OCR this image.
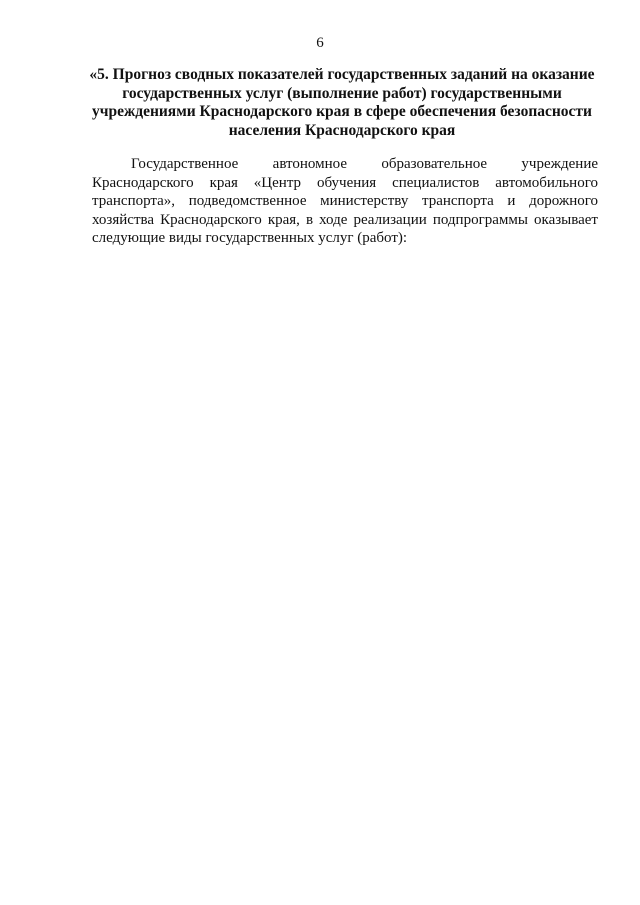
6
«5. Прогноз сводных показателей государственных заданий на оказание
государственных услуг (выполнение работ) государственными
учреждениями Краснодарского края в сфере обеспечения безопасности
населения Краснодарского края
Государственное автономное образовательное учреждение
Краснодарского края «Центр обучения специалистов автомобильного
транспорта», подведомственное министерству транспорта и дорожного
хозяйства Краснодарского края, в ходе реализации подпрограммы оказывает
следующие виды государственных услуг (работ):
